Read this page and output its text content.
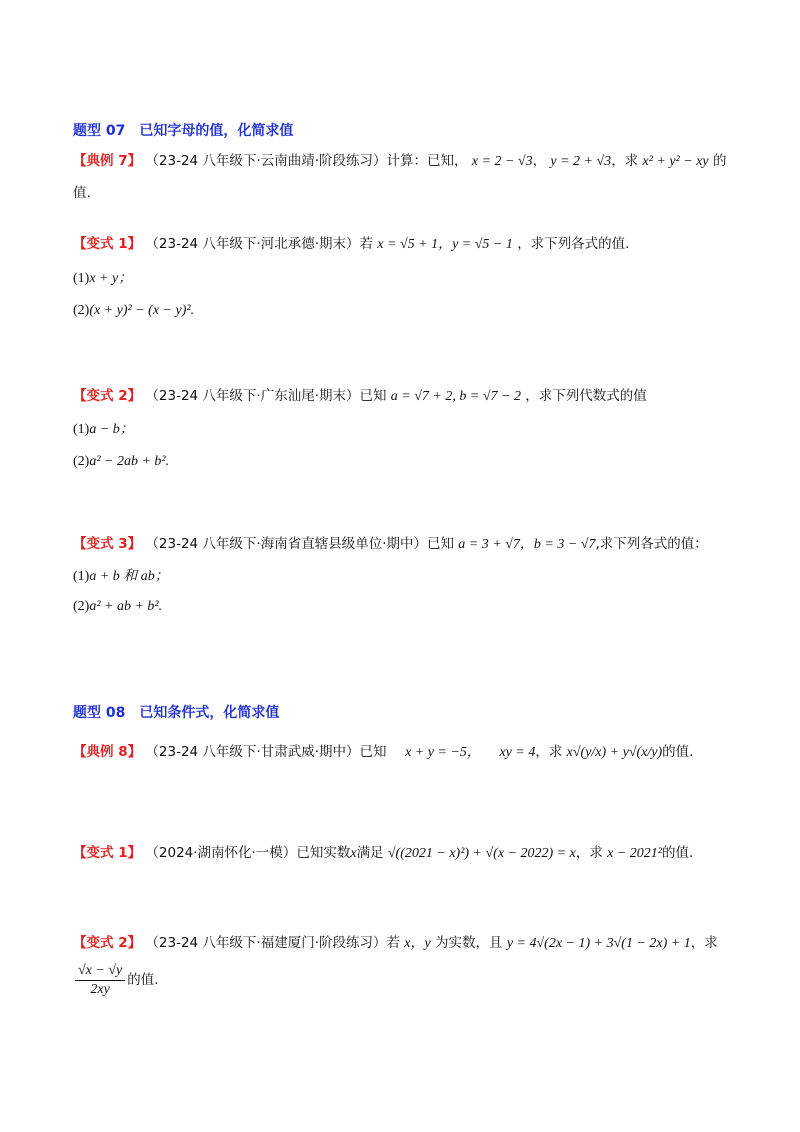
题型 07　已知字母的值，化简求值
【典例 7】 （23-24 八年级下·云南曲靖·阶段练习）计算：已知， x = 2 − √3， y = 2 + √3，求 x² + y² − xy 的
值.
【变式 1】 （23-24 八年级下·河北承德·期末）若 x = √5 + 1，y = √5 − 1 ，求下列各式的值.
(1)x + y；
(2)(x + y)² − (x − y)².
【变式 2】 （23-24 八年级下·广东汕尾·期末）已知 a = √7 + 2, b = √7 − 2 ，求下列代数式的值
(1)a − b；
(2)a² − 2ab + b².
【变式 3】 （23-24 八年级下·海南省直辖县级单位·期中）已知 a = 3 + √7，b = 3 − √7,求下列各式的值：
(1)a + b 和 ab；
(2)a² + ab + b².
题型 08　已知条件式，化简求值
【典例 8】 （23-24 八年级下·甘肃武威·期中）已知 x + y = −5， xy = 4，求 x√(y/x) + y√(x/y)的值.
【变式 1】 （2024·湖南怀化·一模）已知实数x满足 √((2021 − x)²) + √(x − 2022) = x，求 x − 2021²的值.
【变式 2】 （23-24 八年级下·福建厦门·阶段练习）若 x，y 为实数，且 y = 4√(2x − 1) + 3√(1 − 2x) + 1，求
$\frac{√x - √y}{2xy}$ 的值.
